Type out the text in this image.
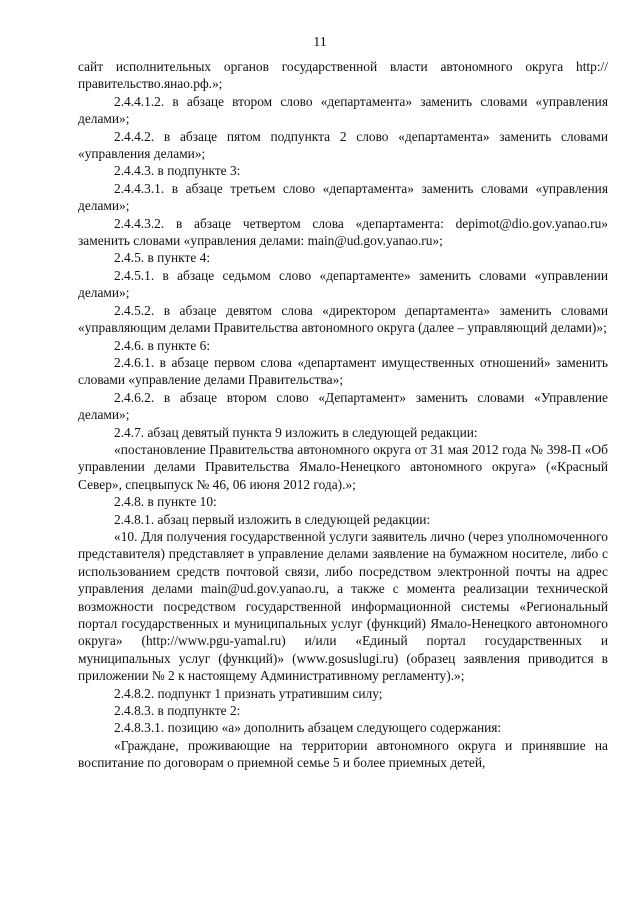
11

сайт исполнительных органов государственной власти автономного округа http://правительство.янао.рф.»;

2.4.4.1.2. в абзаце втором слово «департамента» заменить словами «управления делами»;

2.4.4.2. в абзаце пятом подпункта 2 слово «департамента» заменить словами «управления делами»;

2.4.4.3. в подпункте 3:

2.4.4.3.1. в абзаце третьем слово «департамента» заменить словами «управления делами»;

2.4.4.3.2. в абзаце четвертом слова «департамента: depimot@dio.gov.yanao.ru» заменить словами «управления делами: main@ud.gov.yanao.ru»;

2.4.5. в пункте 4:

2.4.5.1. в абзаце седьмом слово «департаменте» заменить словами «управлении делами»;

2.4.5.2. в абзаце девятом слова «директором департамента» заменить словами «управляющим делами Правительства автономного округа (далее – управляющий делами)»;

2.4.6. в пункте 6:

2.4.6.1. в абзаце первом слова «департамент имущественных отношений» заменить словами «управление делами Правительства»;

2.4.6.2. в абзаце втором слово «Департамент» заменить словами «Управление делами»;

2.4.7. абзац девятый пункта 9 изложить в следующей редакции:

«постановление Правительства автономного округа от 31 мая 2012 года № 398-П «Об управлении делами Правительства Ямало-Ненецкого автономного округа» («Красный Север», спецвыпуск № 46, 06 июня 2012 года).»;

2.4.8. в пункте 10:

2.4.8.1. абзац первый изложить в следующей редакции:

«10. Для получения государственной услуги заявитель лично (через уполномоченного представителя) представляет в управление делами заявление на бумажном носителе, либо с использованием средств почтовой связи, либо посредством электронной почты на адрес управления делами main@ud.gov.yanao.ru, а также с момента реализации технической возможности посредством государственной информационной системы «Региональный портал государственных и муниципальных услуг (функций) Ямало-Ненецкого автономного округа» (http://www.pgu-yamal.ru) и/или «Единый портал государственных и муниципальных услуг (функций)» (www.gosuslugi.ru) (образец заявления приводится в приложении № 2 к настоящему Административному регламенту).»;

2.4.8.2. подпункт 1 признать утратившим силу;

2.4.8.3. в подпункте 2:

2.4.8.3.1. позицию «а» дополнить абзацем следующего содержания:

«Граждане, проживающие на территории автономного округа и принявшие на воспитание по договорам о приемной семье 5 и более приемных детей,
